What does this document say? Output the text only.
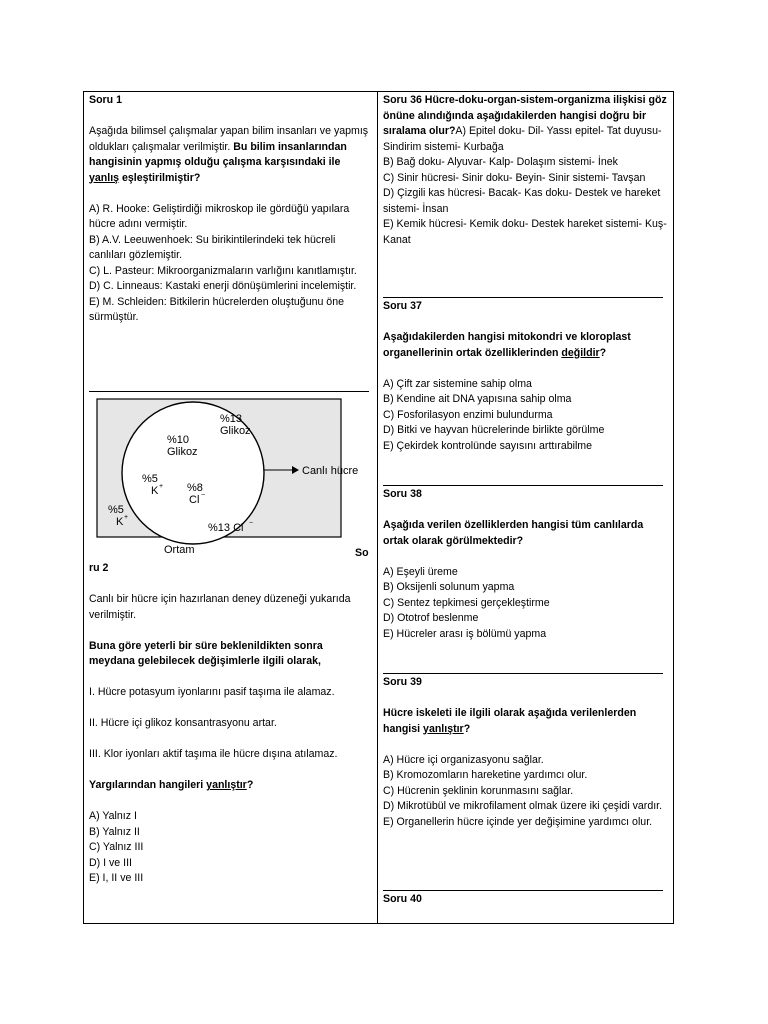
Soru 1

Aşağıda bilimsel çalışmalar yapan bilim insanları ve yapmış oldukları çalışmalar verilmiştir. Bu bilim insanlarından hangisinin yapmış olduğu çalışma karşısındaki ile yanlış eşleştirilmiştir?

A) R. Hooke: Geliştirdiği mikroskop ile gördüğü yapılara hücre adını vermiştir.

B) A.V. Leeuwenhoek: Su birikintilerindeki tek hücreli canlıları gözlemiştir.

C) L. Pasteur: Mikroorganizmaların varlığını kanıtlamıştır.

D) C. Linneaus: Kastaki enerji dönüşümlerini incelemiştir.

E) M. Schleiden: Bitkilerin hücrelerden oluştuğunu öne sürmüştür.

%13
Glikoz
%10
Glikoz
%5
K + %8
Cl −
%5
K +
%13 Cl −
Canlı hücre
Ortam	So

ru 2

Canlı bir hücre için hazırlanan deney düzeneği yukarıda verilmiştir.

Buna göre yeterli bir süre beklenildikten sonra meydana gelebilecek değişimlerle ilgili olarak,

I. Hücre potasyum iyonlarını pasif taşıma ile alamaz.

II. Hücre içi glikoz konsantrasyonu artar.

III. Klor iyonları aktif taşıma ile hücre dışına atılamaz.

Yargılarından hangileri yanlıştır?

A) Yalnız I

B) Yalnız II

C) Yalnız III

D) I ve III

E) I, II ve III

Soru 36 Hücre-doku-organ-sistem-organizma ilişkisi göz önüne alındığında aşağıdakilerden hangisi doğru bir sıralama olur?A) Epitel doku- Dil- Yassı epitel- Tat duyusu- Sindirim sistemi- Kurbağa

B) Bağ doku- Alyuvar- Kalp- Dolaşım sistemi- İnek

C) Sinir hücresi- Sinir doku- Beyin- Sinir sistemi- Tavşan

D) Çizgili kas hücresi- Bacak- Kas doku- Destek ve hareket sistemi- İnsan

E) Kemik hücresi- Kemik doku- Destek hareket sistemi- Kuş- Kanat

Soru 37

Aşağıdakilerden hangisi mitokondri ve kloroplast organellerinin ortak özelliklerinden değildir?

A) Çift zar sistemine sahip olma

B) Kendine ait DNA yapısına sahip olma

C) Fosforilasyon enzimi bulundurma

D) Bitki ve hayvan hücrelerinde birlikte görülme

E) Çekirdek kontrolünde sayısını arttırabilme

Soru 38

Aşağıda verilen özelliklerden hangisi tüm canlılarda ortak olarak görülmektedir?

A) Eşeyli üreme

B) Oksijenli solunum yapma

C) Sentez tepkimesi gerçekleştirme

D) Ototrof beslenme

E) Hücreler arası iş bölümü yapma

Soru 39

Hücre iskeleti ile ilgili olarak aşağıda verilenlerden hangisi yanlıştır?

A) Hücre içi organizasyonu sağlar.

B) Kromozomların hareketine yardımcı olur.

C) Hücrenin şeklinin korunmasını sağlar.

D) Mikrotübül ve mikrofilament olmak üzere iki çeşidi vardır.

E) Organellerin hücre içinde yer değişimine yardımcı olur.

Soru 40
